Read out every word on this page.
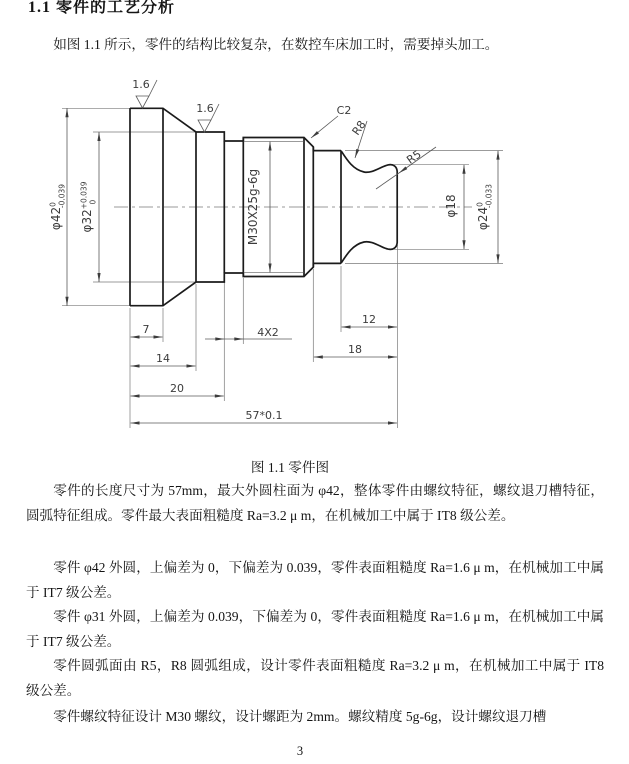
1.1 零件的工艺分析
如图 1.1 所示，零件的结构比较复杂，在数控车床加工时，需要掉头加工。
1.6
1.6
7
14
20
4X2
12
18
57*0.1
C2
R8
R5
$\varphi 42^0-0.039$
$\varphi 32^{+0.039}0$	M30X25g-6g	φ18
$\varphi 24^0-0.033$
图 1.1 零件图
零件的长度尺寸为 57mm，最大外圆柱面为 φ42，整体零件由螺纹特征，螺纹退刀槽特征，圆弧特征组成。零件最大表面粗糙度 Ra=3.2 μ m，在机械加工中属于 IT8 级公差。
零件 φ42 外圆，上偏差为 0，下偏差为 0.039，零件表面粗糙度 Ra=1.6 μ m，在机械加工中属于 IT7 级公差。
零件 φ31 外圆，上偏差为 0.039，下偏差为 0，零件表面粗糙度 Ra=1.6 μ m，在机械加工中属于 IT7 级公差。
零件圆弧面由 R5，R8 圆弧组成，设计零件表面粗糙度 Ra=3.2 μ m，在机械加工中属于 IT8 级公差。
零件螺纹特征设计 M30 螺纹，设计螺距为 2mm。螺纹精度 5g-6g，设计螺纹退刀槽
3
